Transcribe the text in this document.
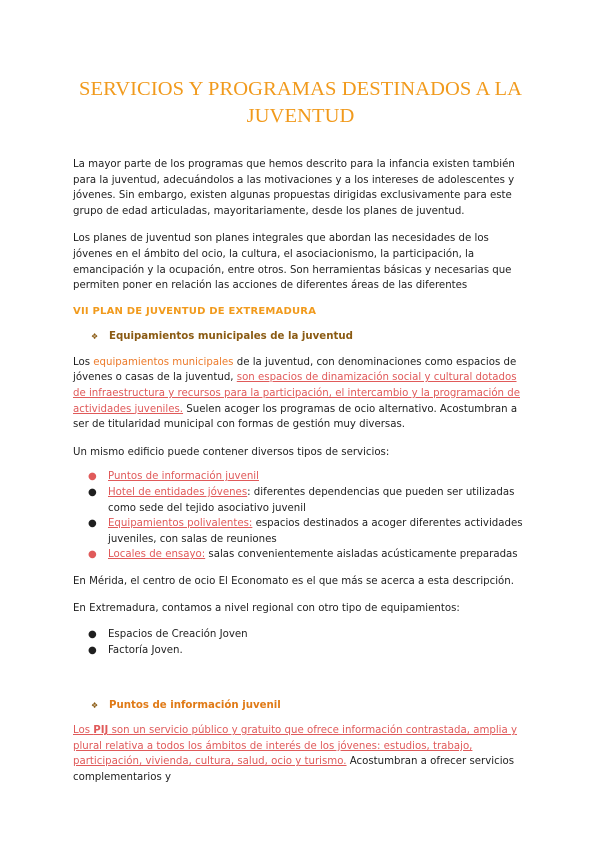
SERVICIOS Y PROGRAMAS DESTINADOS A LA JUVENTUD

La mayor parte de los programas que hemos descrito para la infancia existen también para la juventud, adecuándolos a las motivaciones y a los intereses de adolescentes y jóvenes. Sin embargo, existen algunas propuestas dirigidas exclusivamente para este grupo de edad articuladas, mayoritariamente, desde los planes de juventud.

Los planes de juventud son planes integrales que abordan las necesidades de los jóvenes en el ámbito del ocio, la cultura, el asociacionismo, la participación, la emancipación y la ocupación, entre otros. Son herramientas básicas y necesarias que permiten poner en relación las acciones de diferentes áreas de las diferentes

VII PLAN DE JUVENTUD DE EXTREMADURA
❖	Equipamientos municipales de la juventud

Los equipamientos municipales de la juventud, con denominaciones como espacios de jóvenes o casas de la juventud, son espacios de dinamización social y cultural dotados de infraestructura y recursos para la participación, el intercambio y la programación de actividades juveniles. Suelen acoger los programas de ocio alternativo. Acostumbran a ser de titularidad municipal con formas de gestión muy diversas.

Un mismo edificio puede contener diversos tipos de servicios:

● Puntos de información juvenil
● Hotel de entidades jóvenes: diferentes dependencias que pueden ser utilizadas como sede del tejido asociativo juvenil
● Equipamientos polivalentes: espacios destinados a acoger diferentes actividades juveniles, con salas de reuniones
● Locales de ensayo: salas convenientemente aisladas acústicamente preparadas

En Mérida, el centro de ocio El Economato es el que más se acerca a esta descripción.

En Extremadura, contamos a nivel regional con otro tipo de equipamientos:

● Espacios de Creación Joven
● Factoría Joven.
❖	Puntos de información juvenil

Los PIJ son un servicio público y gratuito que ofrece información contrastada, amplia y plural relativa a todos los ámbitos de interés de los jóvenes: estudios, trabajo, participación, vivienda, cultura, salud, ocio y turismo. Acostumbran a ofrecer servicios complementarios y
